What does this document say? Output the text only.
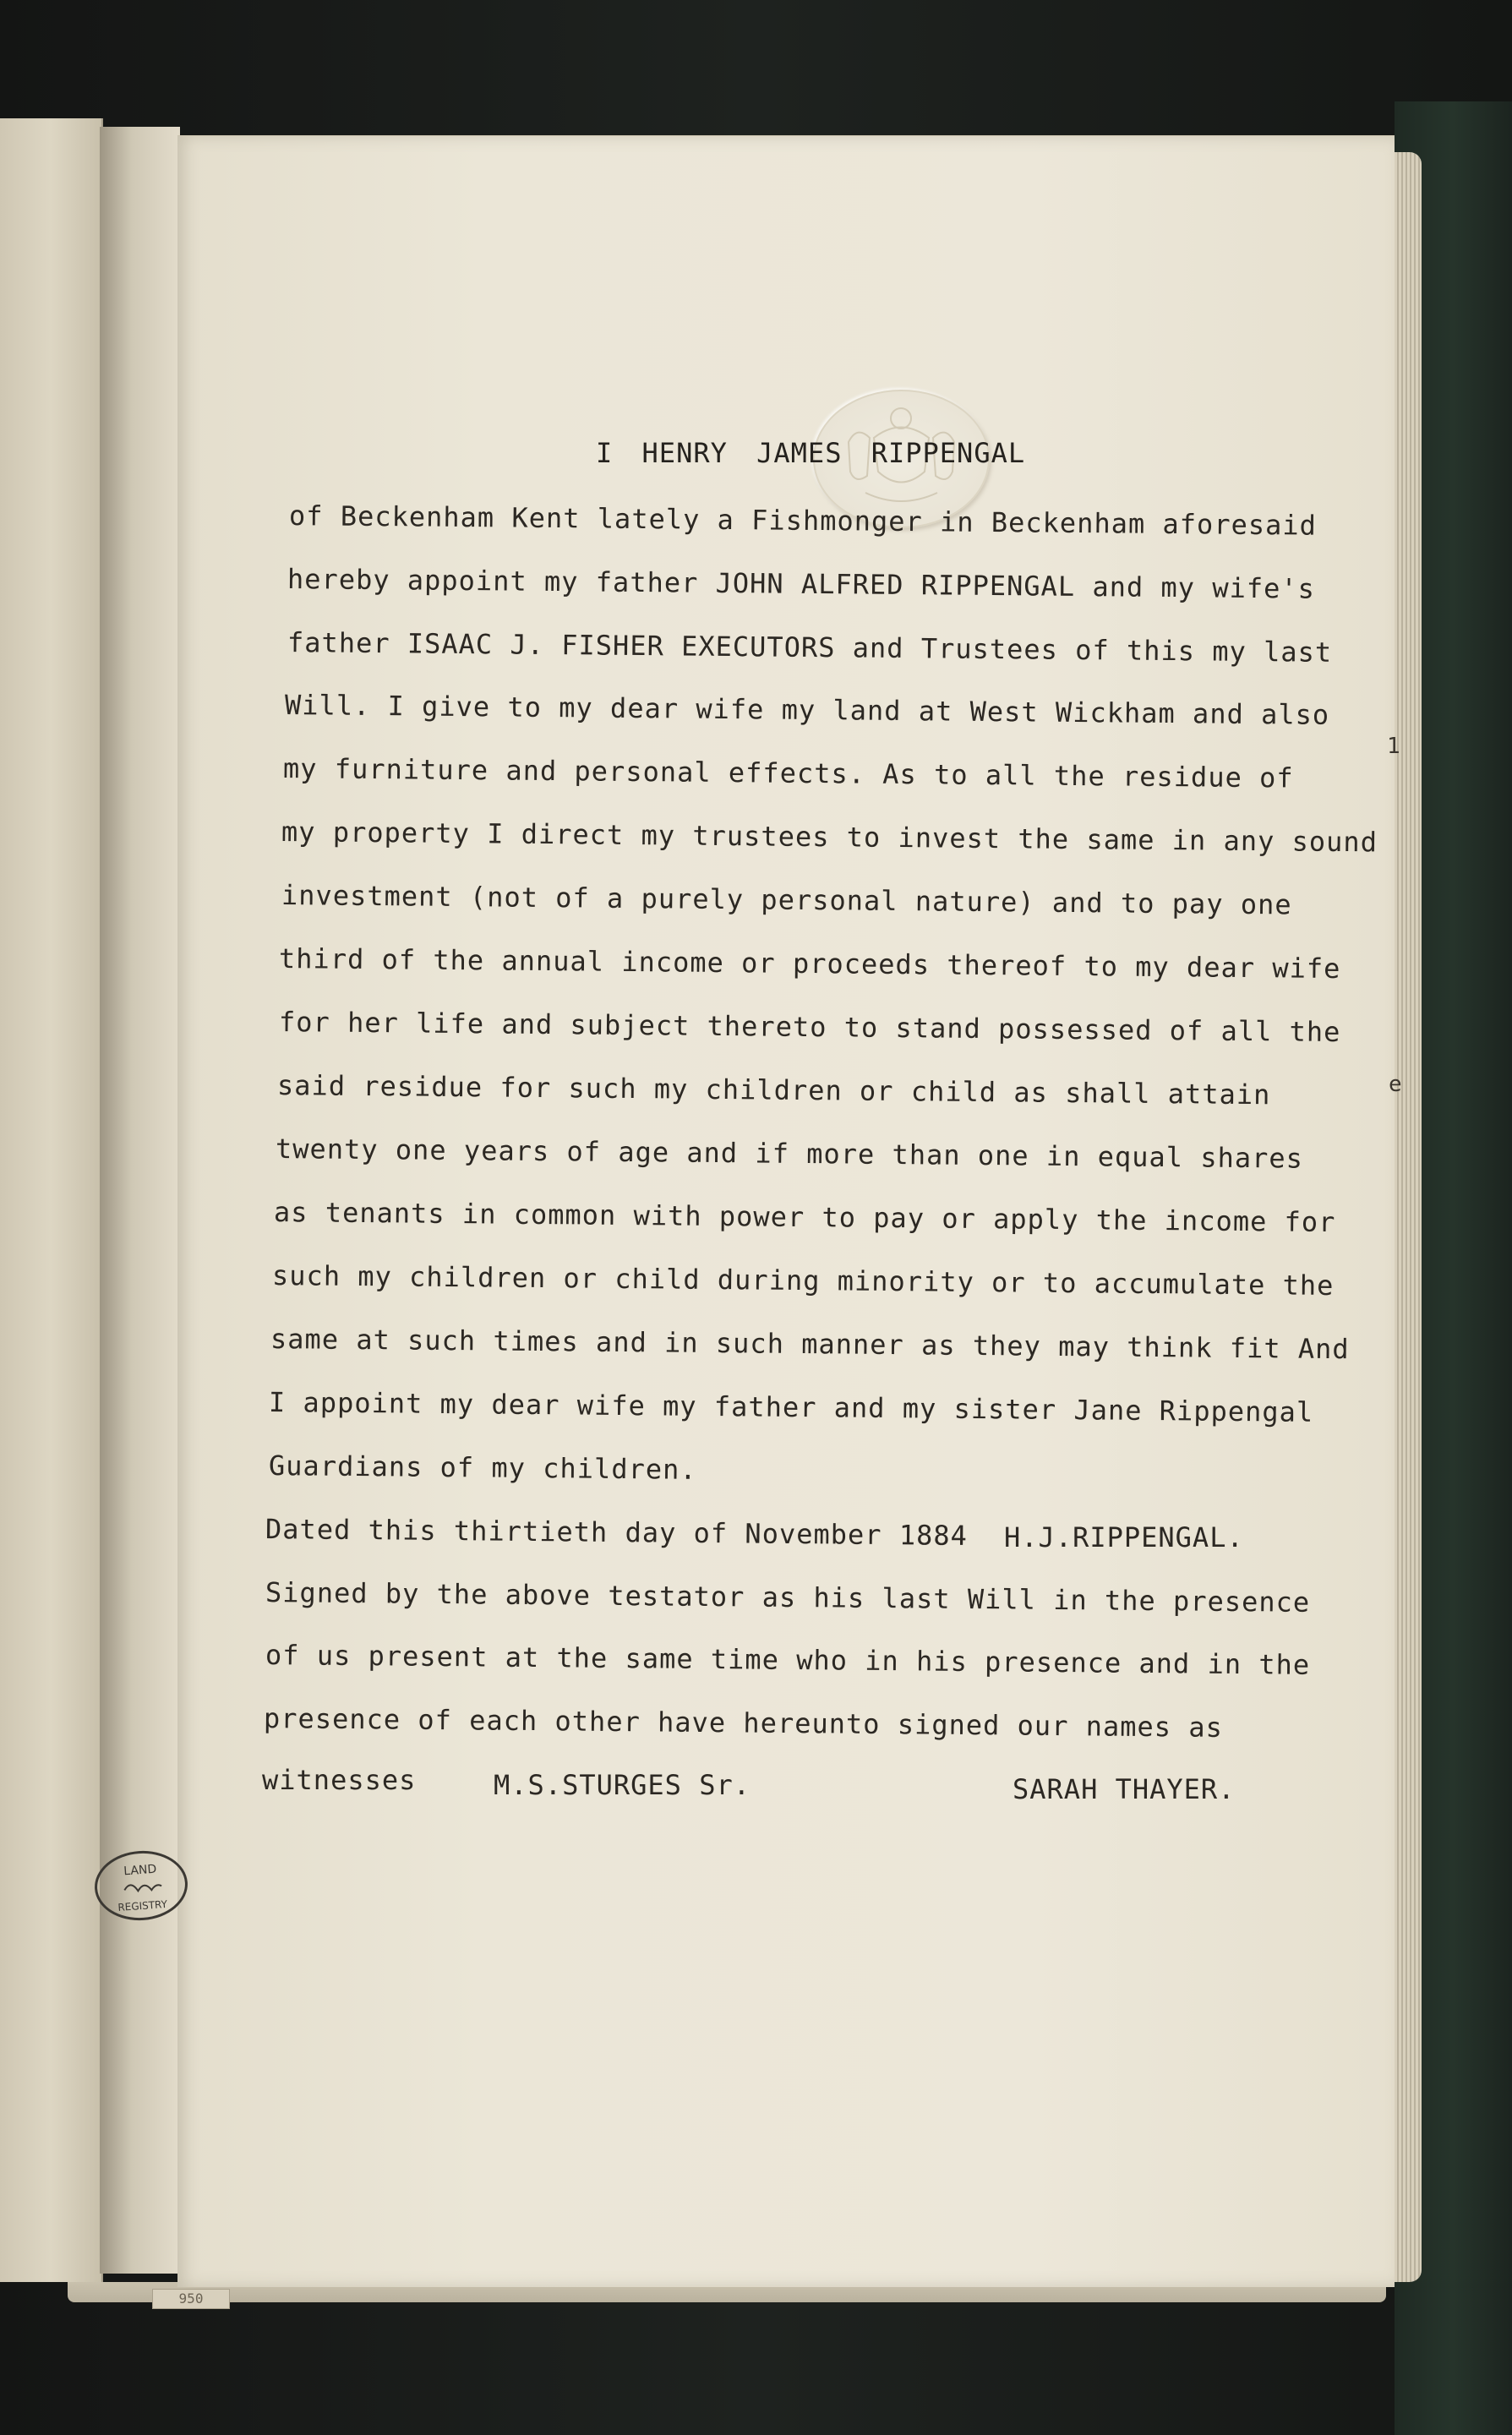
I HENRY JAMES RIPPENGAL
of Beckenham Kent lately a Fishmonger in Beckenham aforesaid
hereby appoint my father JOHN ALFRED RIPPENGAL and my wife's
father ISAAC J. FISHER EXECUTORS and Trustees of this my last
Will. I give to my dear wife my land at West Wickham and also
my furniture and personal effects. As to all the residue of
my property I direct my trustees to invest the same in any sound
investment (not of a purely personal nature) and to pay one
third of the annual income or proceeds thereof to my dear wife
for her life and subject thereto to stand possessed of all the
said residue for such my children or child as shall attain
twenty one years of age and if more than one in equal shares
as tenants in common with power to pay or apply the income for
such my children or child during minority or to accumulate the
same at such times and in such manner as they may think fit And
I appoint my dear wife my father and my sister Jane Rippengal
Guardians of my children.
Dated this thirtieth day of November 1884 H.J.RIPPENGAL.
Signed by the above testator as his last Will in the presence
of us present at the same time who in his presence and in the
presence of each other have hereunto signed our names as
witnesses	M.S.STURGES Sr.	SARAH THAYER.
1
e
LAND
REGISTRY
950
